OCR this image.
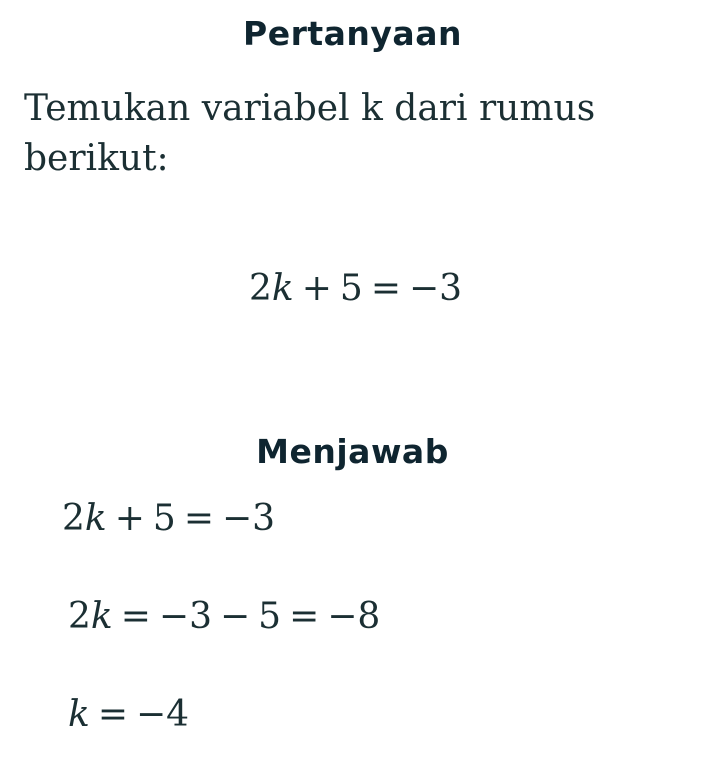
Pertanyaan
Temukan variabel k dari rumus berikut:
2k + 5 = −3
Menjawab
2k + 5 = −3
2k = −3 − 5 = −8
k = −4
